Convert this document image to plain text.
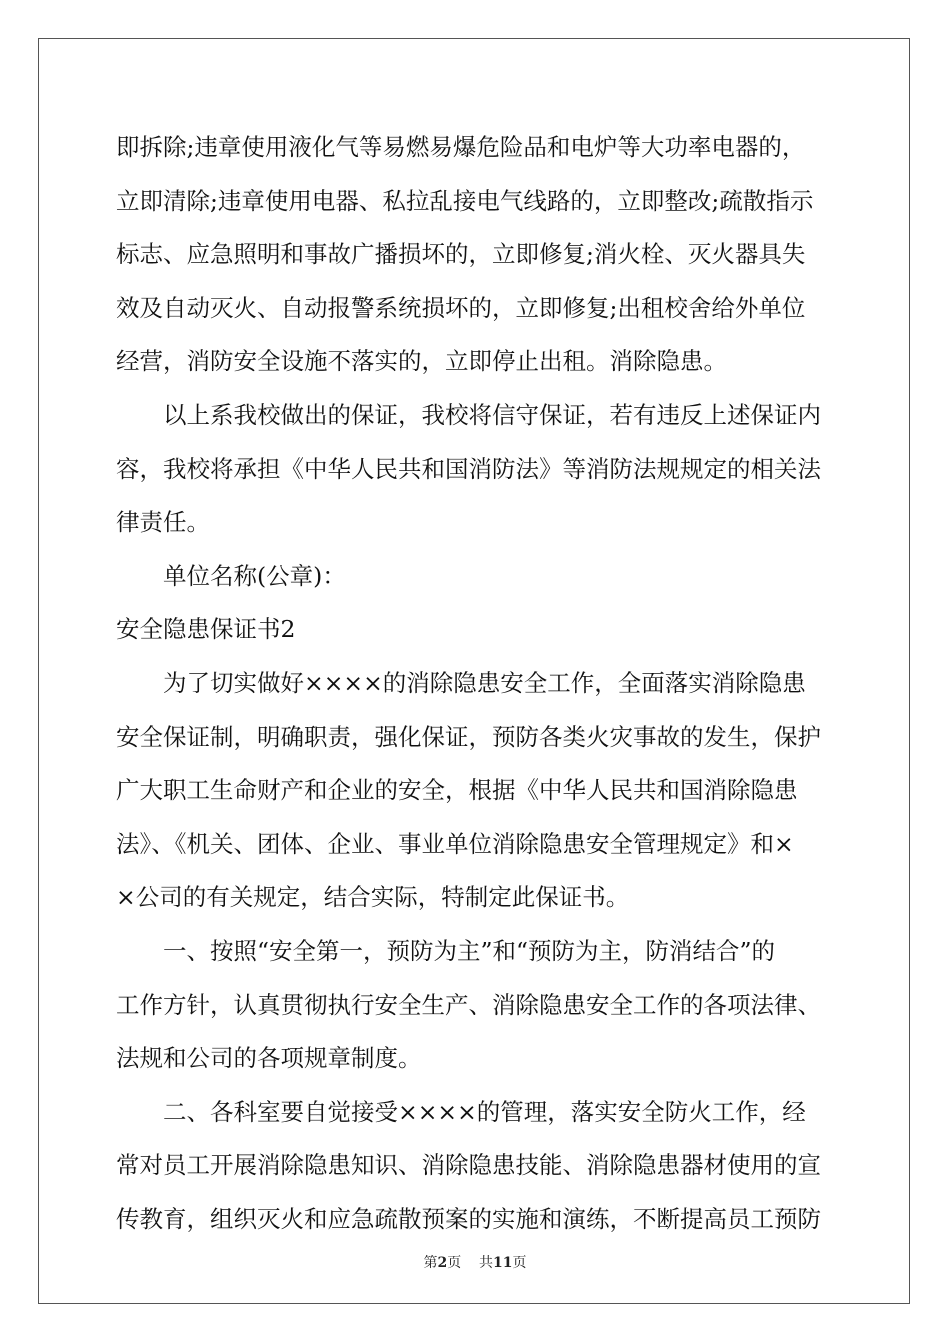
即拆除;违章使用液化气等易燃易爆危险品和电炉等大功率电器的，
立即清除;违章使用电器、私拉乱接电气线路的，立即整改;疏散指示
标志、应急照明和事故广播损坏的，立即修复;消火栓、灭火器具失
效及自动灭火、自动报警系统损坏的，立即修复;出租校舍给外单位
经营，消防安全设施不落实的，立即停止出租。消除隐患。
以上系我校做出的保证，我校将信守保证，若有违反上述保证内
容，我校将承担《中华人民共和国消防法》等消防法规规定的相关法
律责任。
单位名称(公章)：
安全隐患保证书2
为了切实做好××××的消除隐患安全工作，全面落实消除隐患
安全保证制，明确职责，强化保证，预防各类火灾事故的发生，保护
广大职工生命财产和企业的安全，根据《中华人民共和国消除隐患
法》、《机关、团体、企业、事业单位消除隐患安全管理规定》和×
×公司的有关规定，结合实际，特制定此保证书。
一、按照“安全第一，预防为主”和“预防为主，防消结合”的
工作方针，认真贯彻执行安全生产、消除隐患安全工作的各项法律、
法规和公司的各项规章制度。
二、各科室要自觉接受××××的管理，落实安全防火工作，经
常对员工开展消除隐患知识、消除隐患技能、消除隐患器材使用的宣
传教育，组织灭火和应急疏散预案的实施和演练，不断提高员工预防
第2页 共11页
